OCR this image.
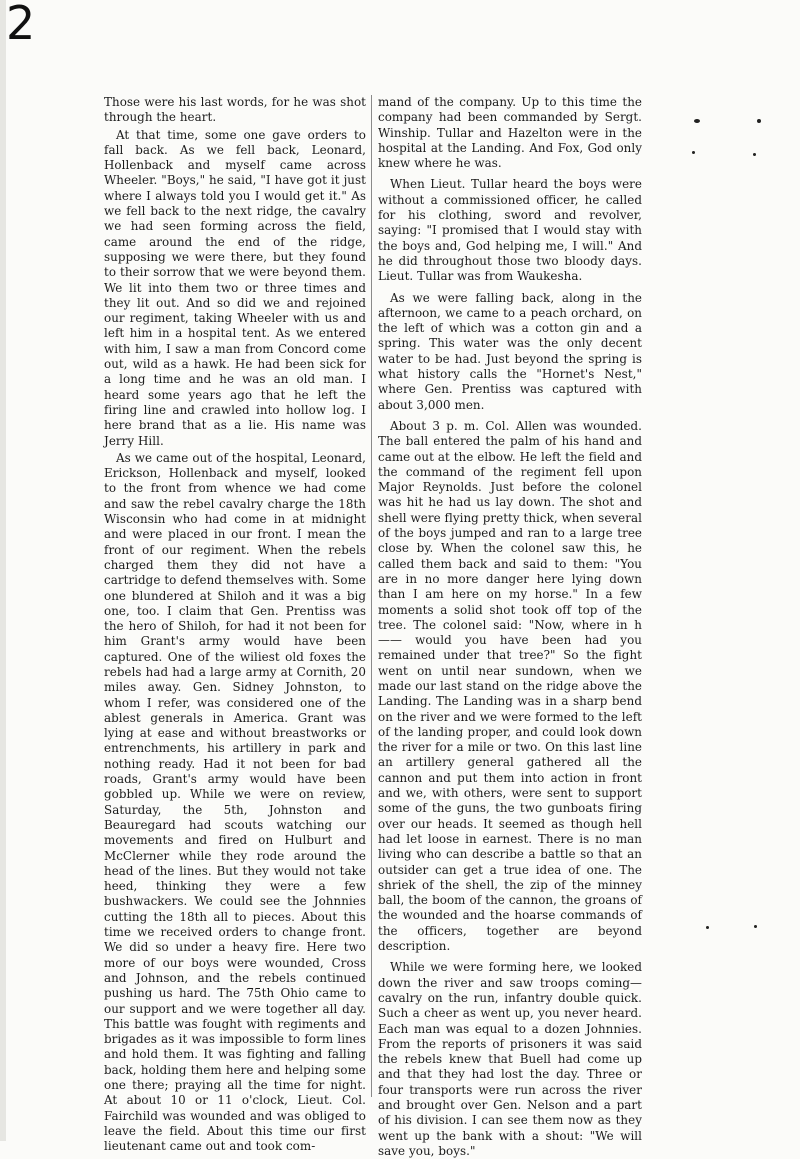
2

Those were his last words, for he was shot through the heart.

At that time, some one gave orders to fall back. As we fell back, Leonard, Hollenback and myself came across Wheeler. "Boys," he said, "I have got it just where I always told you I would get it." As we fell back to the next ridge, the cavalry we had seen forming across the field, came around the end of the ridge, supposing we were there, but they found to their sorrow that we were beyond them. We lit into them two or three times and they lit out. And so did we and rejoined our regiment, taking Wheeler with us and left him in a hospital tent. As we entered with him, I saw a man from Concord come out, wild as a hawk. He had been sick for a long time and he was an old man. I heard some years ago that he left the firing line and crawled into hollow log. I here brand that as a lie. His name was Jerry Hill.

As we came out of the hospital, Leonard, Erickson, Hollenback and myself, looked to the front from whence we had come and saw the rebel cavalry charge the 18th Wisconsin who had come in at midnight and were placed in our front. I mean the front of our regiment. When the rebels charged them they did not have a cartridge to defend themselves with. Some one blundered at Shiloh and it was a big one, too. I claim that Gen. Prentiss was the hero of Shiloh, for had it not been for him Grant's army would have been captured. One of the wiliest old foxes the rebels had had a large army at Cornith, 20 miles away. Gen. Sidney Johnston, to whom I refer, was considered one of the ablest generals in America. Grant was lying at ease and without breastworks or entrenchments, his artillery in park and nothing ready. Had it not been for bad roads, Grant's army would have been gobbled up. While we were on review, Saturday, the 5th, Johnston and Beauregard had scouts watching our movements and fired on Hulburt and McClerner while they rode around the head of the lines. But they would not take heed, thinking they were a few bushwackers. We could see the Johnnies cutting the 18th all to pieces. About this time we received orders to change front. We did so under a heavy fire. Here two more of our boys were wounded, Cross and Johnson, and the rebels continued pushing us hard. The 75th Ohio came to our support and we were together all day. This battle was fought with regiments and brigades as it was impossible to form lines and hold them. It was fighting and falling back, holding them here and helping some one there; praying all the time for night. At about 10 or 11 o'clock, Lieut. Col. Fairchild was wounded and was obliged to leave the field. About this time our first lieutenant came out and took com-

mand of the company. Up to this time the company had been commanded by Sergt. Winship. Tullar and Hazelton were in the hospital at the Landing. And Fox, God only knew where he was.

When Lieut. Tullar heard the boys were without a commissioned officer, he called for his clothing, sword and revolver, saying: "I promised that I would stay with the boys and, God helping me, I will." And he did throughout those two bloody days. Lieut. Tullar was from Waukesha.

As we were falling back, along in the afternoon, we came to a peach orchard, on the left of which was a cotton gin and a spring. This water was the only decent water to be had. Just beyond the spring is what history calls the "Hornet's Nest," where Gen. Prentiss was captured with about 3,000 men.

About 3 p. m. Col. Allen was wounded. The ball entered the palm of his hand and came out at the elbow. He left the field and the command of the regiment fell upon Major Reynolds. Just before the colonel was hit he had us lay down. The shot and shell were flying pretty thick, when several of the boys jumped and ran to a large tree close by. When the colonel saw this, he called them back and said to them: "You are in no more danger here lying down than I am here on my horse." In a few moments a solid shot took off top of the tree. The colonel said: "Now, where in h—— would you have been had you remained under that tree?" So the fight went on until near sundown, when we made our last stand on the ridge above the Landing. The Landing was in a sharp bend on the river and we were formed to the left of the landing proper, and could look down the river for a mile or two. On this last line an artillery general gathered all the cannon and put them into action in front and we, with others, were sent to support some of the guns, the two gunboats firing over our heads. It seemed as though hell had let loose in earnest. There is no man living who can describe a battle so that an outsider can get a true idea of one. The shriek of the shell, the zip of the minney ball, the boom of the cannon, the groans of the wounded and the hoarse commands of the officers, together are beyond description.

While we were forming here, we looked down the river and saw troops coming—cavalry on the run, infantry double quick. Such a cheer as went up, you never heard. Each man was equal to a dozen Johnnies. From the reports of prisoners it was said the rebels knew that Buell had come up and that they had lost the day. Three or four transports were run across the river and brought over Gen. Nelson and a part of his division. I can see them now as they went up the bank with a shout: "We will save you, boys."
